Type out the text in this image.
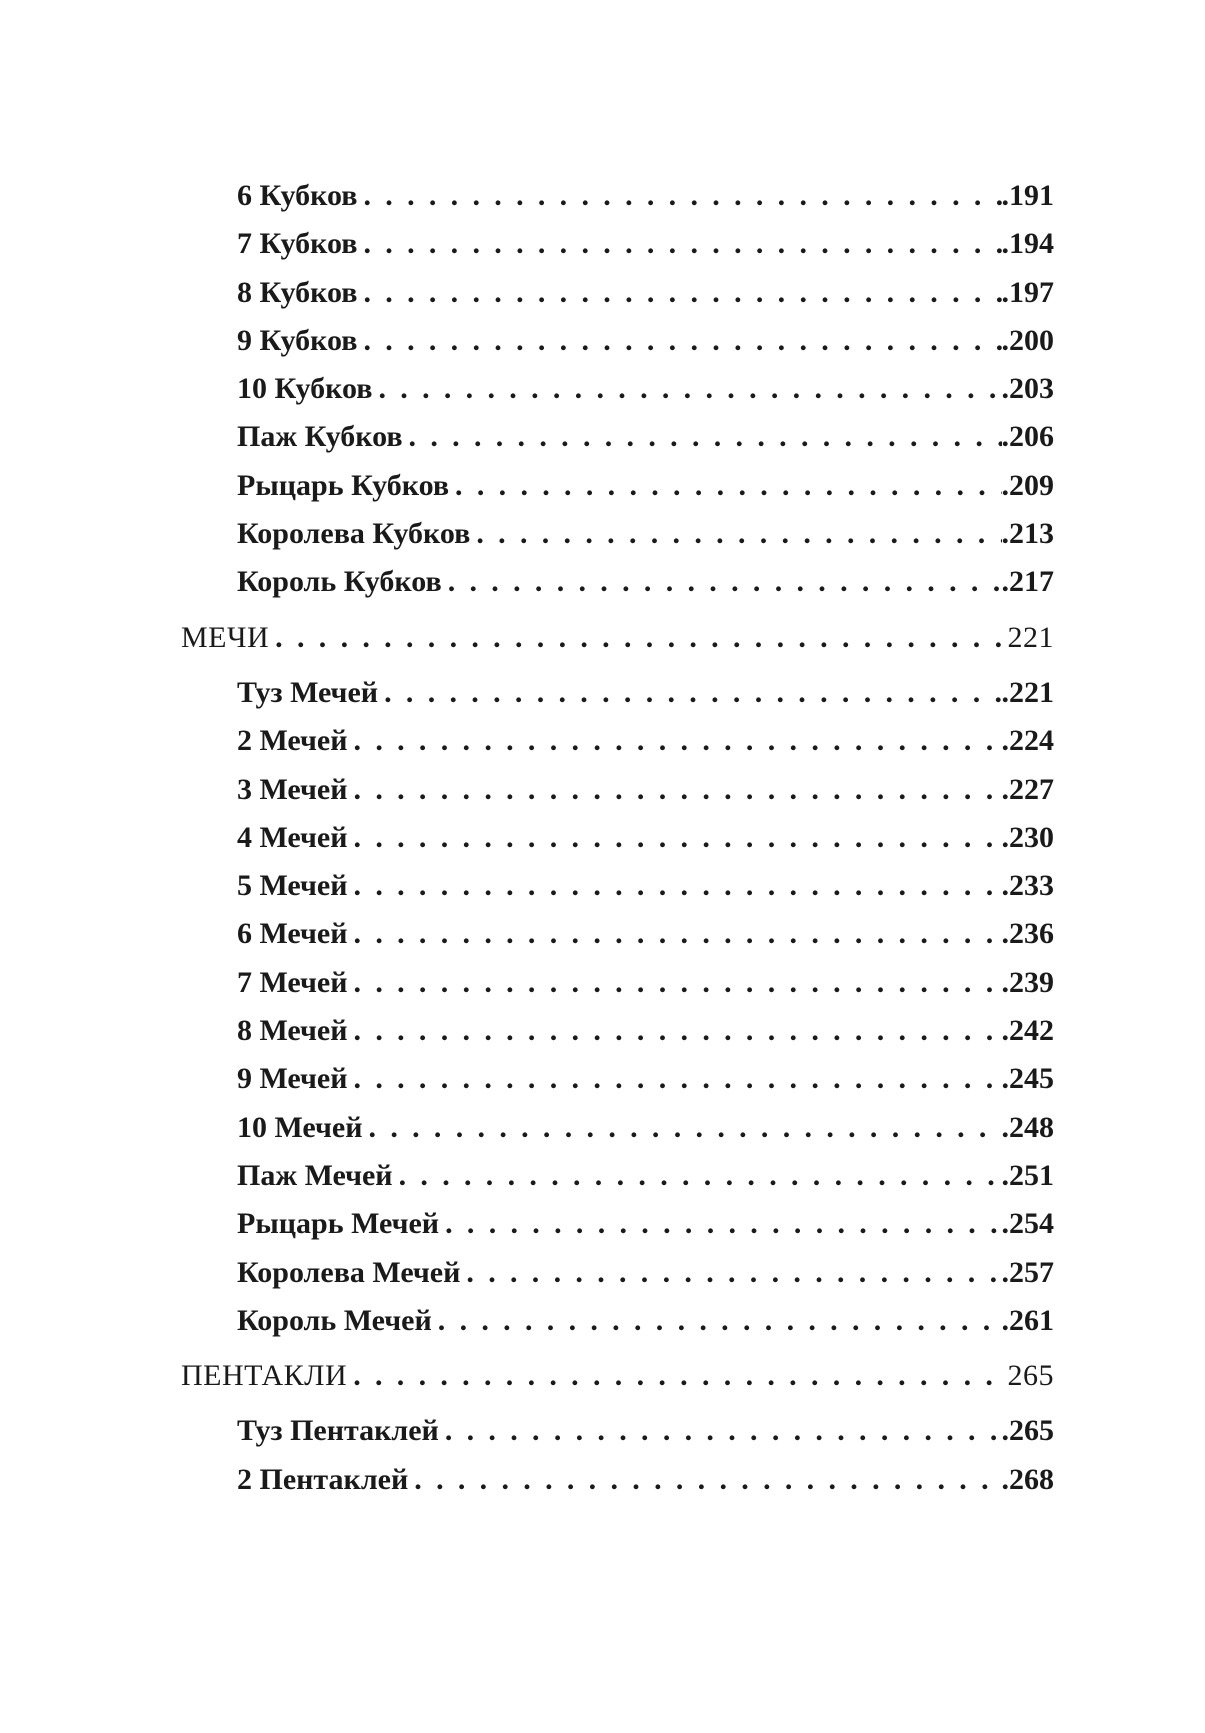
6 Кубков . . .	.191
7 Кубков . . .	.194
8 Кубков . . .	.197
9 Кубков . . .	.200
10 Кубков . . .	.203
Паж Кубков . . .	.206
Рыцарь Кубков . . .	.209
Королева Кубков . . .	.213
Король Кубков . . .	.217
МЕЧИ . . .	221
Туз Мечей . . .	.221
2 Мечей . . .	.224
3 Мечей . . .	.227
4 Мечей . . .	.230
5 Мечей . . .	.233
6 Мечей . . .	.236
7 Мечей . . .	.239
8 Мечей . . .	.242
9 Мечей . . .	.245
10 Мечей . . .	.248
Паж Мечей . . .	.251
Рыцарь Мечей . . .	.254
Королева Мечей . . .	.257
Король Мечей . . .	.261
ПЕНТАКЛИ . . .	265
Туз Пентаклей . . .	.265
2 Пентаклей . . .	.268
